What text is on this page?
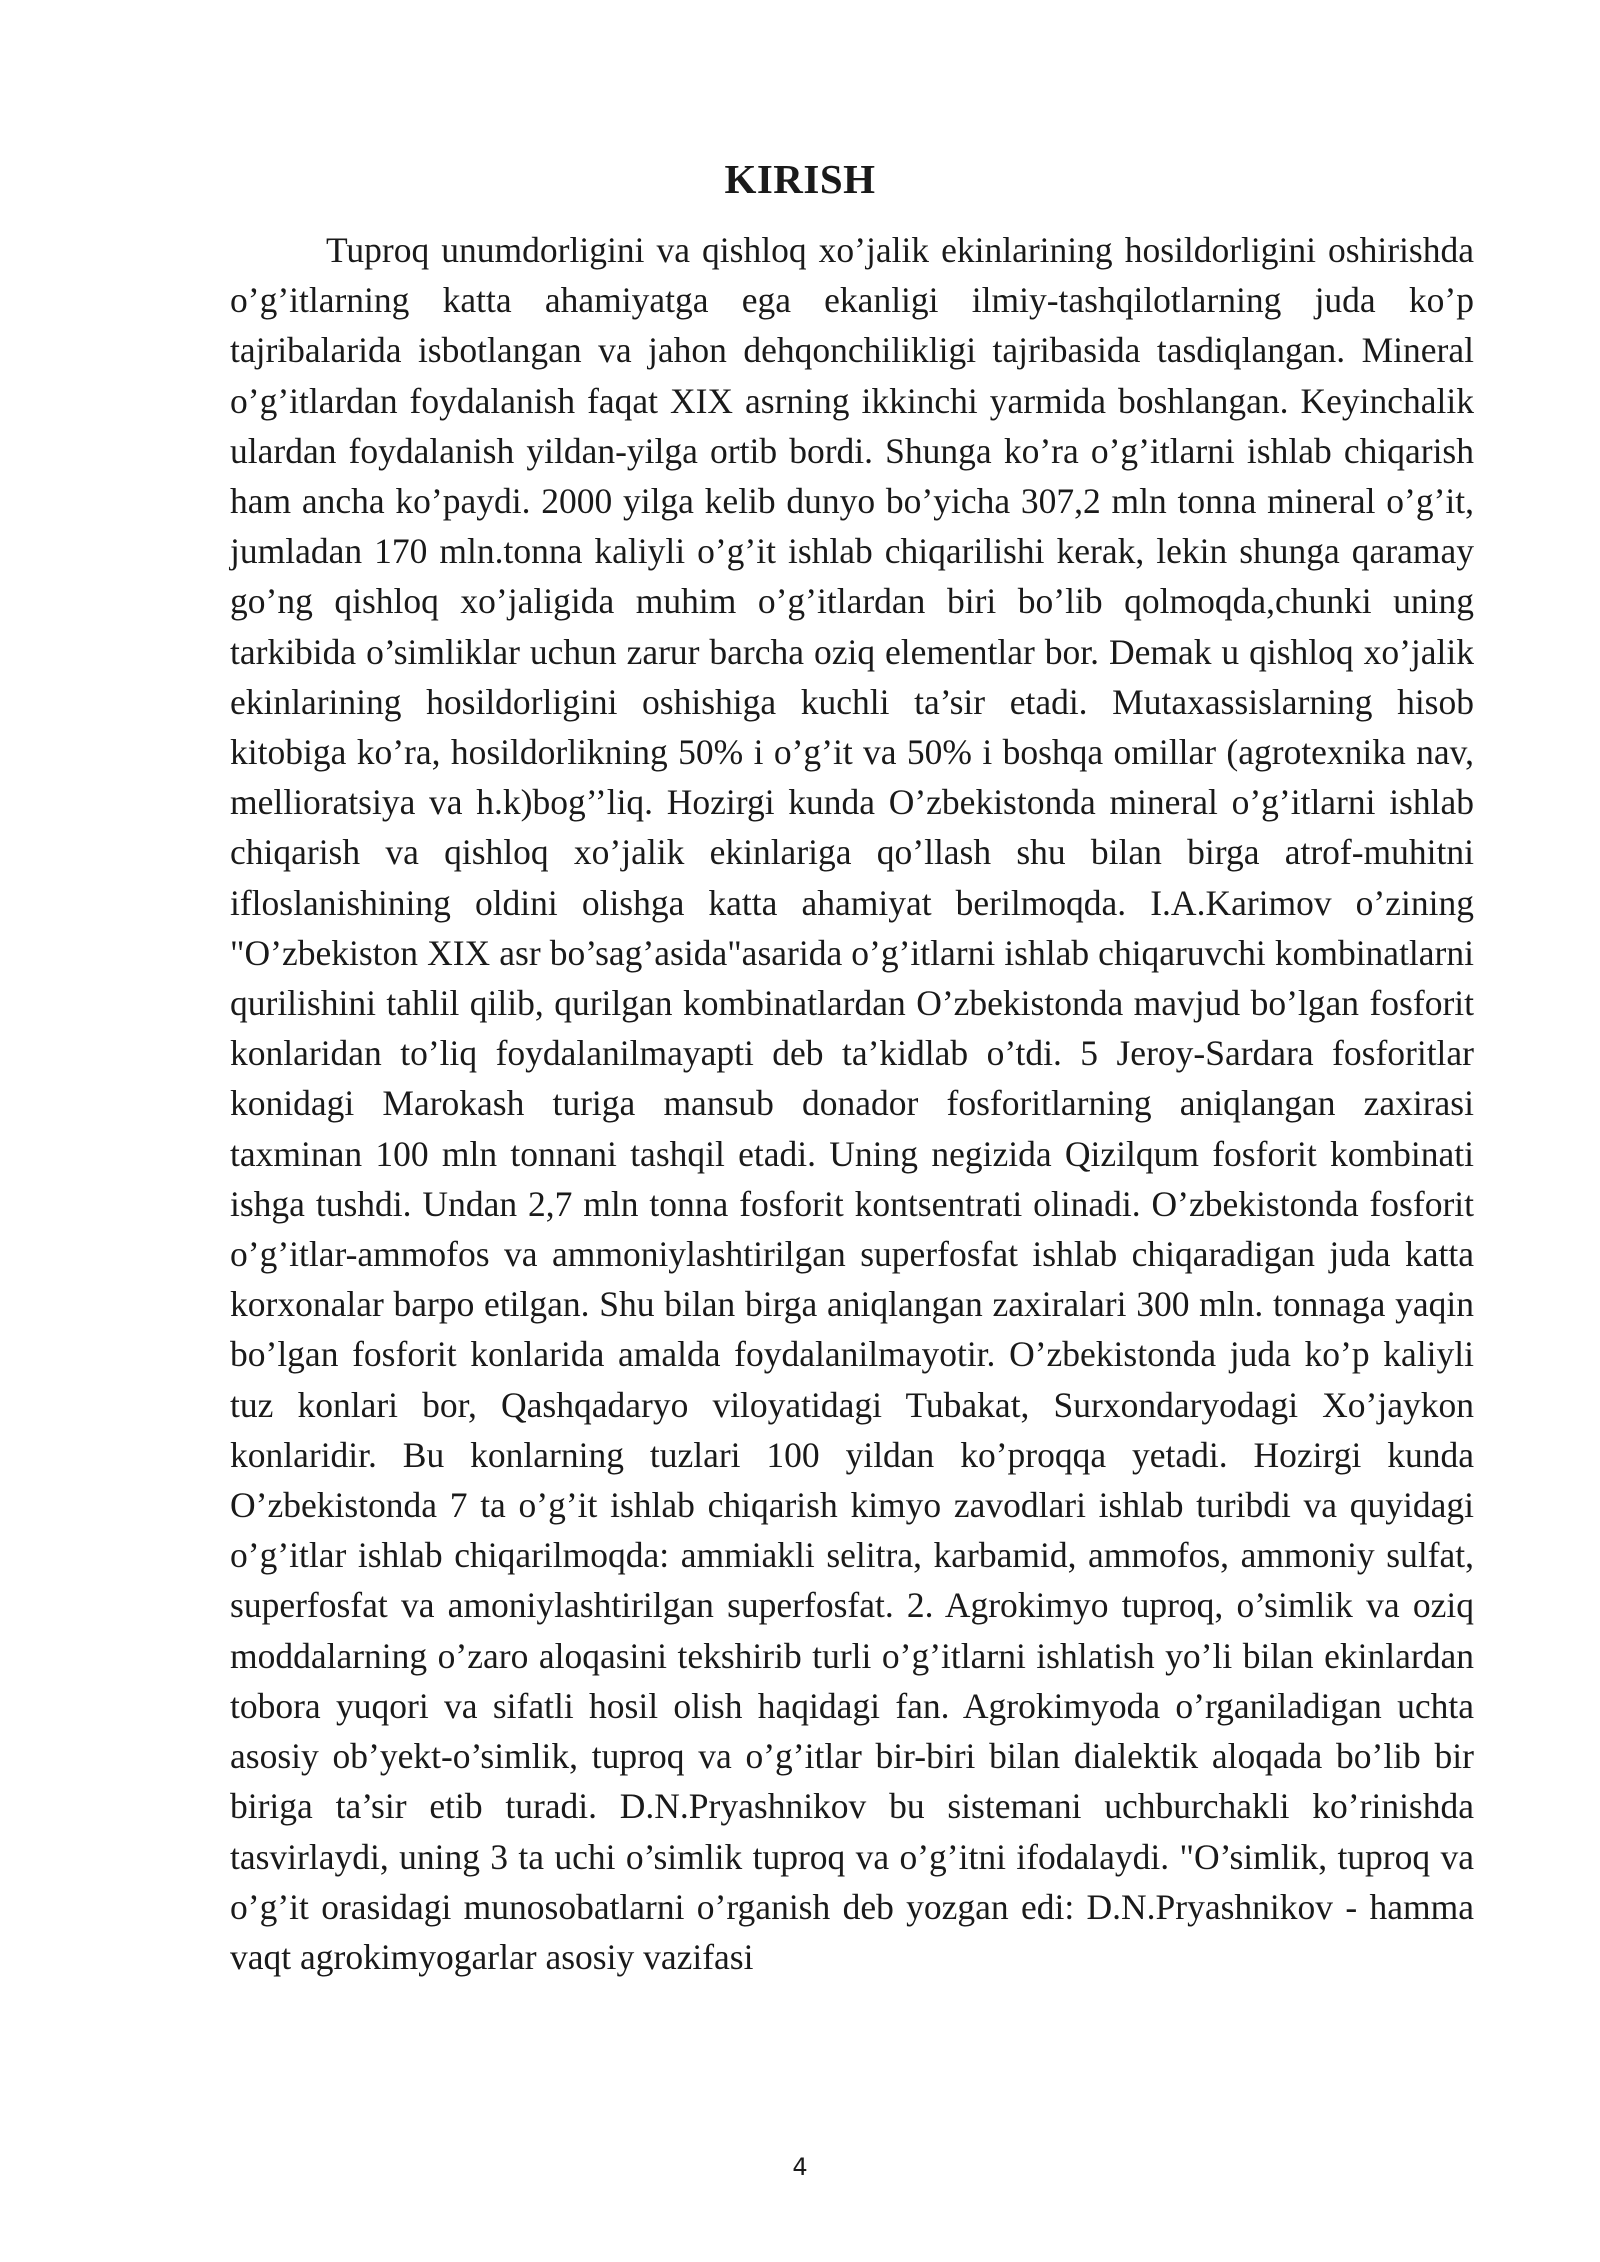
KIRISH

Tuproq unumdorligini va qishloq xo’jalik ekinlarining hosildorligini oshirishda o’g’itlarning katta ahamiyatga ega ekanligi ilmiy-tashqilotlarning juda ko’p tajribalarida isbotlangan va jahon dehqonchilikligi tajribasida tasdiqlangan. Mineral o’g’itlardan foydalanish faqat XIX asrning ikkinchi yarmida boshlangan. Keyinchalik ulardan foydalanish yildan-yilga ortib bordi. Shunga ko’ra o’g’itlarni ishlab chiqarish ham ancha ko’paydi. 2000 yilga kelib dunyo bo’yicha 307,2 mln tonna mineral o’g’it, jumladan 170 mln.tonna kaliyli o’g’it ishlab chiqarilishi kerak, lekin shunga qaramay go’ng qishloq xo’jaligida muhim o’g’itlardan biri bo’lib qolmoqda,chunki uning tarkibida o’simliklar uchun zarur barcha oziq elementlar bor. Demak u qishloq xo’jalik ekinlarining hosildorligini oshishiga kuchli ta’sir etadi. Mutaxassislarning hisob kitobiga ko’ra, hosildorlikning 50% i o’g’it va 50% i boshqa omillar (agrotexnika nav, mellioratsiya va h.k)bog’’liq. Hozirgi kunda O’zbekistonda mineral o’g’itlarni ishlab chiqarish va qishloq xo’jalik ekinlariga qo’llash shu bilan birga atrof-muhitni ifloslanishining oldini olishga katta ahamiyat berilmoqda. I.A.Karimov o’zining "O’zbekiston XIX asr bo’sag’asida"asarida o’g’itlarni ishlab chiqaruvchi kombinatlarni qurilishini tahlil qilib, qurilgan kombinatlardan O’zbekistonda mavjud bo’lgan fosforit konlaridan to’liq foydalanilmayapti deb ta’kidlab o’tdi. 5 Jeroy-Sardara fosforitlar konidagi Marokash turiga mansub donador fosforitlarning aniqlangan zaxirasi taxminan 100 mln tonnani tashqil etadi. Uning negizida Qizilqum fosforit kombinati ishga tushdi. Undan 2,7 mln tonna fosforit kontsentrati olinadi. O’zbekistonda fosforit o’g’itlar-ammofos va ammoniylashtirilgan superfosfat ishlab chiqaradigan juda katta korxonalar barpo etilgan. Shu bilan birga aniqlangan zaxiralari 300 mln. tonnaga yaqin bo’lgan fosforit konlarida amalda foydalanilmayotir. O’zbekistonda juda ko’p kaliyli tuz konlari bor, Qashqadaryo viloyatidagi Tubakat, Surxondaryodagi Xo’jaykon konlaridir. Bu konlarning tuzlari 100 yildan ko’proqqa yetadi. Hozirgi kunda O’zbekistonda 7 ta o’g’it ishlab chiqarish kimyo zavodlari ishlab turibdi va quyidagi o’g’itlar ishlab chiqarilmoqda: ammiakli selitra, karbamid, ammofos, ammoniy sulfat, superfosfat va amoniylashtirilgan superfosfat. 2. Agrokimyo tuproq, o’simlik va oziq moddalarning o’zaro aloqasini tekshirib turli o’g’itlarni ishlatish yo’li bilan ekinlardan tobora yuqori va sifatli hosil olish haqidagi fan. Agrokimyoda o’rganiladigan uchta asosiy ob’yekt-o’simlik, tuproq va o’g’itlar bir-biri bilan dialektik aloqada bo’lib bir biriga ta’sir etib turadi. D.N.Pryashnikov bu sistemani uchburchakli ko’rinishda tasvirlaydi, uning 3 ta uchi o’simlik tuproq va o’g’itni ifodalaydi. "O’simlik, tuproq va o’g’it orasidagi munosobatlarni o’rganish deb yozgan edi: D.N.Pryashnikov - hamma vaqt agrokimyogarlar asosiy vazifasi

4
